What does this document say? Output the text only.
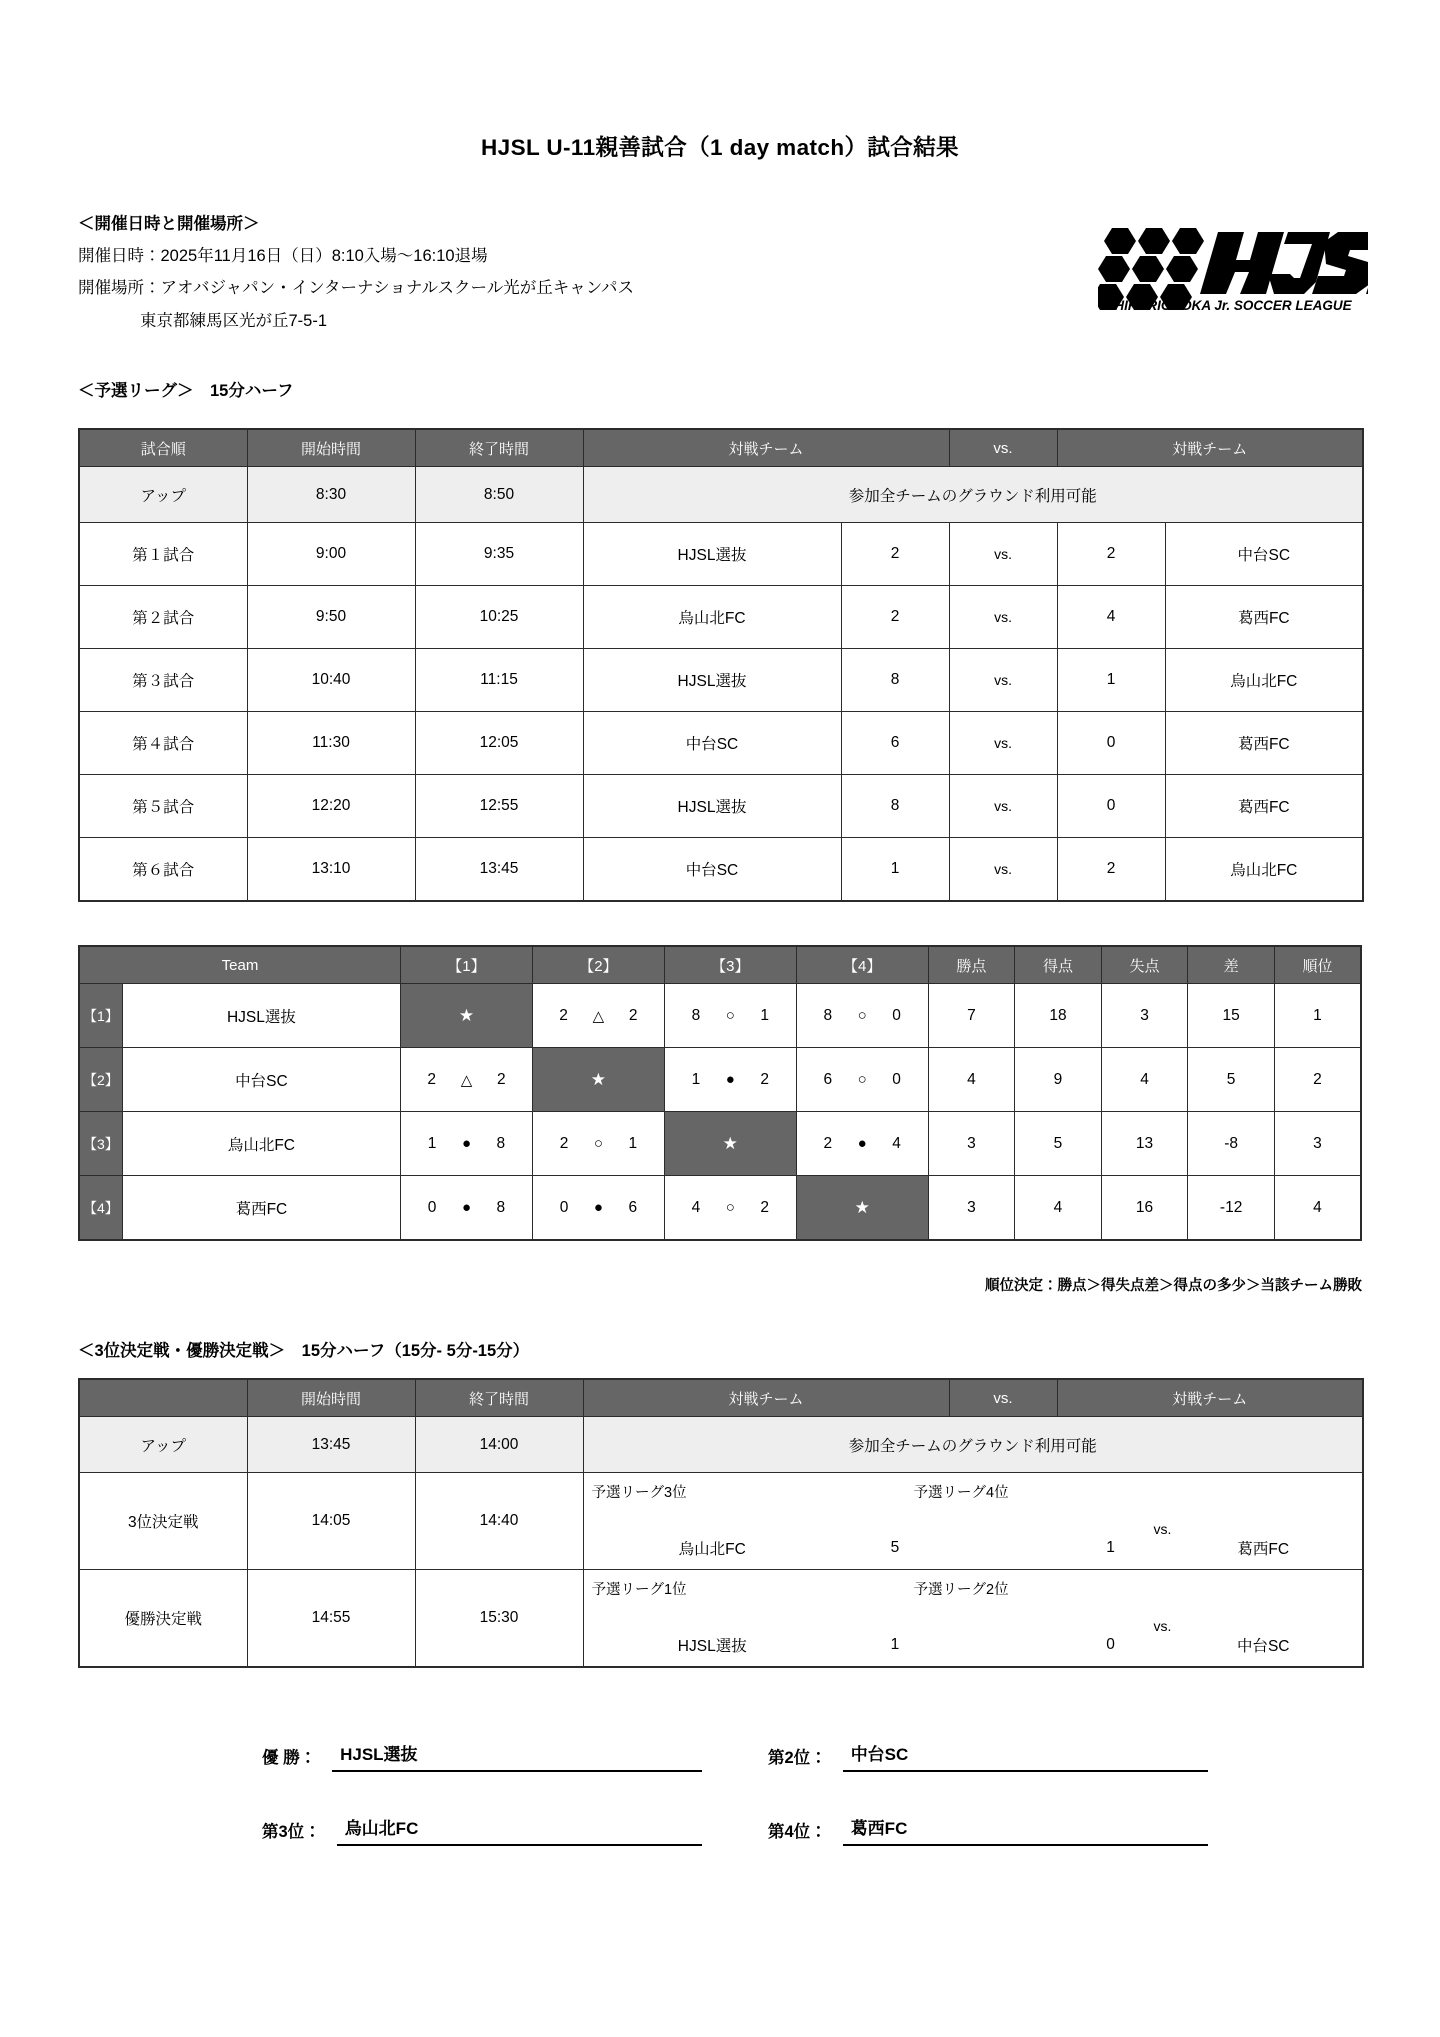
HJSL U-11親善試合（1 day match）試合結果
＜開催日時と開催場所＞
開催日時：2025年11月16日（日）8:10入場～16:10退場
開催場所：アオバジャパン・インターナショナルスクール光が丘キャンパス
東京都練馬区光が丘7-5-1
HIKARIGAOKA Jr. SOCCER LEAGUE
＜予選リーグ＞　15分ハーフ
試合順	開始時間	終了時間	対戦チーム		vs.	対戦チーム	
アップ	8:30	8:50	参加全チームのグラウンド利用可能				
第１試合	9:00	9:35	HJSL選抜	2	vs.	2	中台SC
第２試合	9:50	10:25	烏山北FC	2	vs.	4	葛西FC
第３試合	10:40	11:15	HJSL選抜	8	vs.	1	烏山北FC
第４試合	11:30	12:05	中台SC	6	vs.	0	葛西FC
第５試合	12:20	12:55	HJSL選抜	8	vs.	0	葛西FC
第６試合	13:10	13:45	中台SC	1	vs.	2	烏山北FC
Team		【1】	【2】	【3】	【4】	勝点	得点	失点	差	順位
【1】	HJSL選抜	★	2 △ 2	8 ○ 1	8 ○ 0	7	18	3	15	1
【2】	中台SC	2 △ 2	★	1 ● 2	6 ○ 0	4	9	4	5	2
【3】	烏山北FC	1 ● 8	2 ○ 1	★	2 ● 4	3	5	13	-8	3
【4】	葛西FC	0 ● 8	0 ● 6	4 ○ 2	★	3	4	16	-12	4
順位決定：勝点＞得失点差＞得点の多少＞当該チーム勝敗
＜3位決定戦・優勝決定戦＞　15分ハーフ（15分- 5分-15分）
	開始時間	終了時間	対戦チーム	vs.	対戦チーム
アップ	13:45	14:00	参加全チームのグラウンド利用可能		
3位決定戦	14:05	14:40	
予選リーグ3位	予選リーグ4位
vs.
烏山北FC	5	1	葛西FC

優勝決定戦	14:55	15:30	
予選リーグ1位	予選リーグ2位
vs.
HJSL選抜	1	0	中台SC
優 勝：	HJSL選抜	第2位：	中台SC
第3位：	烏山北FC	第4位：	葛西FC
